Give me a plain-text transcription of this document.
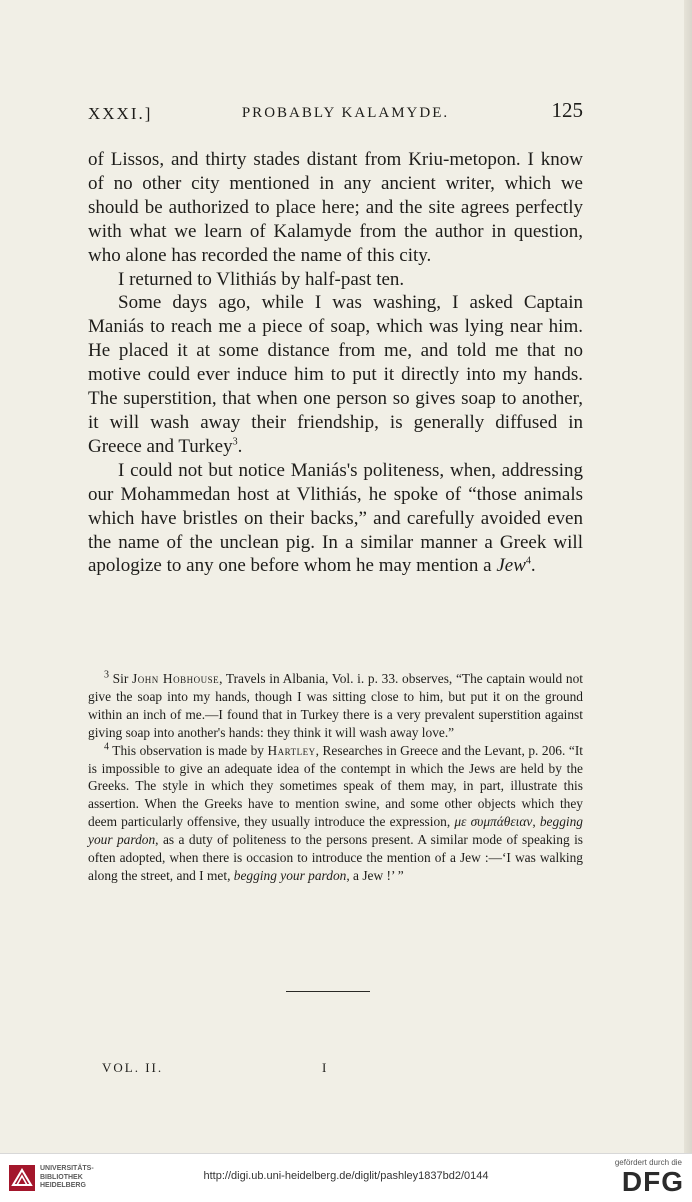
XXXI.]	PROBABLY KALAMYDE.	125

of Lissos, and thirty stades distant from Kriu-metopon. I know of no other city mentioned in any ancient writer, which we should be authorized to place here; and the site agrees perfectly with what we learn of Kalamyde from the author in question, who alone has recorded the name of this city.

I returned to Vlithiás by half-past ten.

Some days ago, while I was washing, I asked Captain Maniás to reach me a piece of soap, which was lying near him. He placed it at some distance from me, and told me that no motive could ever induce him to put it directly into my hands. The superstition, that when one person so gives soap to another, it will wash away their friendship, is generally diffused in Greece and Turkey$^3$.

I could not but notice Maniás's politeness, when, addressing our Mohammedan host at Vlithiás, he spoke of “those animals which have bristles on their backs,” and carefully avoided even the name of the unclean pig. In a similar manner a Greek will apologize to any one before whom he may mention a Jew$^4$.

$^3$ Sir John Hobhouse, Travels in Albania, Vol. i. p. 33. observes, “The captain would not give the soap into my hands, though I was sitting close to him, but put it on the ground within an inch of me.—I found that in Turkey there is a very prevalent superstition against giving soap into another's hands: they think it will wash away love.”

$^4$ This observation is made by Hartley, Researches in Greece and the Levant, p. 206. “It is impossible to give an adequate idea of the contempt in which the Jews are held by the Greeks. The style in which they sometimes speak of them may, in part, illustrate this assertion. When the Greeks have to mention swine, and some other objects which they deem particularly offensive, they usually introduce the expression, με συμπάθειαν, begging your pardon, as a duty of politeness to the persons present. A similar mode of speaking is often adopted, when there is occasion to introduce the mention of a Jew :—‘I was walking along the street, and I met, begging your pardon, a Jew !’ ”

VOL. II.	I
UNIVERSITÄTS-
BIBLIOTHEK
HEIDELBERG
http://digi.ub.uni-heidelberg.de/diglit/pashley1837bd2/0144
gefördert durch die
DFG
